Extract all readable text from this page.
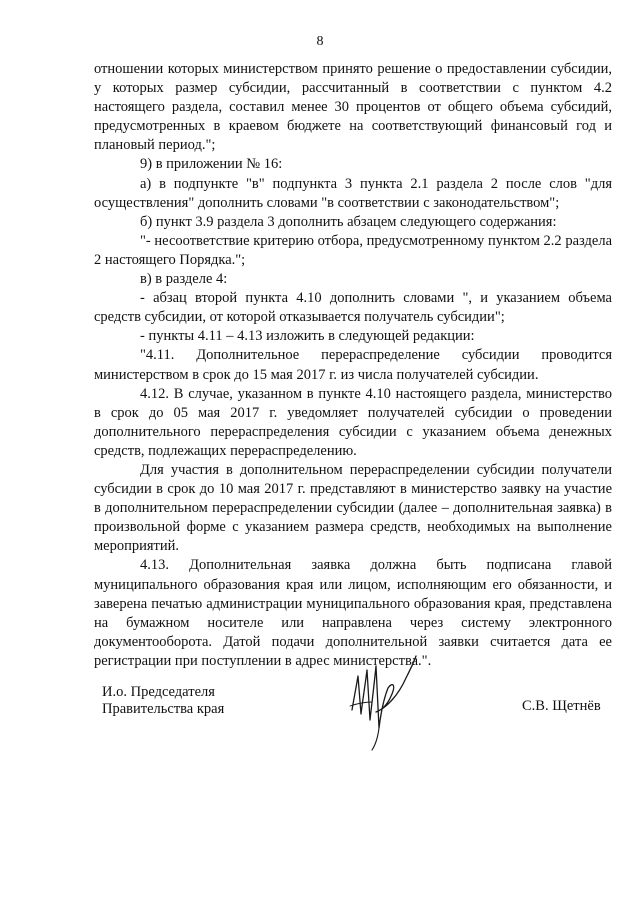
8

отношении которых министерством принято решение о предоставлении субсидии, у которых размер субсидии, рассчитанный в соответствии с пунктом 4.2 настоящего раздела, составил менее 30 процентов от общего объема субсидий, предусмотренных в краевом бюджете на соответствующий финансовый год и плановый период.";

9) в приложении № 16:

а) в подпункте "в" подпункта 3 пункта 2.1 раздела 2 после слов "для осуществления" дополнить словами "в соответствии с законодательством";

б) пункт 3.9 раздела 3 дополнить абзацем следующего содержания:

"- несоответствие критерию отбора, предусмотренному пунктом 2.2 раздела 2 настоящего Порядка.";

в) в разделе 4:

- абзац второй пункта 4.10 дополнить словами ", и указанием объема средств субсидии, от которой отказывается получатель субсидии";

- пункты 4.11 – 4.13 изложить в следующей редакции:

"4.11. Дополнительное перераспределение субсидии проводится министерством в срок до 15 мая 2017 г. из числа получателей субсидии.

4.12. В случае, указанном в пункте 4.10 настоящего раздела, министерство в срок до 05 мая 2017 г. уведомляет получателей субсидии о проведении дополнительного перераспределения субсидии с указанием объема денежных средств, подлежащих перераспределению.

Для участия в дополнительном перераспределении субсидии получатели субсидии в срок до 10 мая 2017 г. представляют в министерство заявку на участие в дополнительном перераспределении субсидии (далее – дополнительная заявка) в произвольной форме с указанием размера средств, необходимых на выполнение мероприятий.

4.13. Дополнительная заявка должна быть подписана главой муниципального образования края или лицом, исполняющим его обязанности, и заверена печатью администрации муниципального образования края, представлена на бумажном носителе или направлена через систему электронного документооборота. Датой подачи дополнительной заявки считается дата ее регистрации при поступлении в адрес министерства.".

И.о. Председателя
Правительства края	С.В. Щетнёв
